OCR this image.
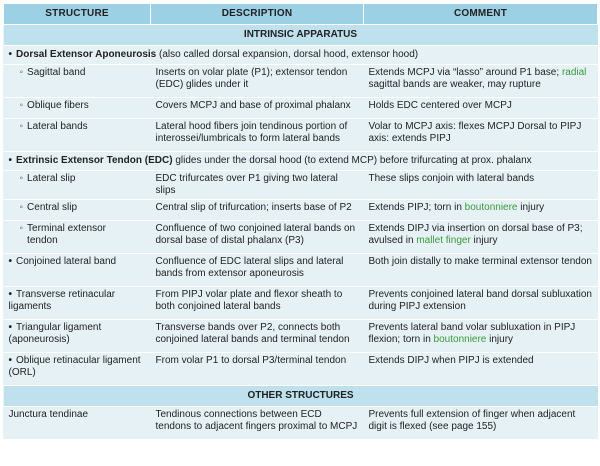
STRUCTURE	DESCRIPTION	COMMENT
INTRINSIC APPARATUS		
• Dorsal Extensor Aponeurosis (also called dorsal expansion, dorsal hood, extensor hood)		
◦ Sagittal band	Inserts on volar plate (P1); extensor tendon (EDC) glides under it	Extends MCPJ via “lasso” around P1 base; radial sagittal bands are weaker, may rupture
◦ Oblique fibers	Covers MCPJ and base of proximal phalanx	Holds EDC centered over MCPJ
◦ Lateral bands	Lateral hood fibers join tendinous portion of interossei/lumbricals to form lateral bands	Volar to MCPJ axis: flexes MCPJ Dorsal to PIPJ axis: extends PIPJ
• Extrinsic Extensor Tendon (EDC) glides under the dorsal hood (to extend MCP) before trifurcating at prox. phalanx		
◦ Lateral slip	EDC trifurcates over P1 giving two lateral slips	These slips conjoin with lateral bands
◦ Central slip	Central slip of trifurcation; inserts base of P2	Extends PIPJ; torn in boutonniere injury
◦ Terminal extensor tendon	Confluence of two conjoined lateral bands on dorsal base of distal phalanx (P3)	Extends DIPJ via insertion on dorsal base of P3; avulsed in mallet finger injury
• Conjoined lateral band	Confluence of EDC lateral slips and lateral bands from extensor aponeurosis	Both join distally to make terminal extensor tendon
• Transverse retinacular ligaments	From PIPJ volar plate and flexor sheath to both conjoined lateral bands	Prevents conjoined lateral band dorsal subluxation during PIPJ extension
• Triangular ligament (aponeurosis)	Transverse bands over P2, connects both conjoined lateral bands and terminal tendon	Prevents lateral band volar subluxation in PIPJ flexion; torn in boutonniere injury
• Oblique retinacular ligament (ORL)	From volar P1 to dorsal P3/terminal tendon	Extends DIPJ when PIPJ is extended
OTHER STRUCTURES		
Junctura tendinae	Tendinous connections between ECD tendons to adjacent fingers proximal to MCPJ	Prevents full extension of finger when adjacent digit is flexed (see page 155)
